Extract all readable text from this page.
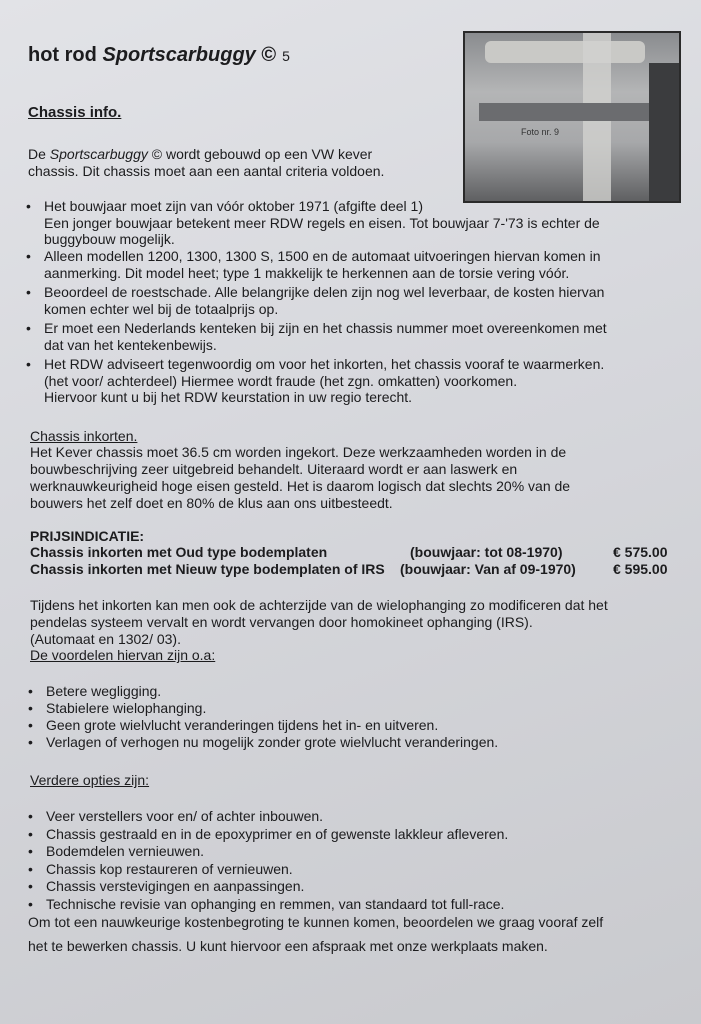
hot rod Sportscarbuggy © 5
Foto nr. 9
Chassis info.
De Sportscarbuggy © wordt gebouwd op een VW kever
chassis. Dit chassis moet aan een aantal criteria voldoen.
• Het bouwjaar moet zijn van vóór oktober 1971 (afgifte deel 1)
Een jonger bouwjaar betekent meer RDW regels en eisen. Tot bouwjaar 7-'73 is echter de
buggybouw mogelijk.
• Alleen modellen 1200, 1300, 1300 S, 1500 en de automaat uitvoeringen hiervan komen in
aanmerking. Dit model heet; type 1 makkelijk te herkennen aan de torsie vering vóór.
• Beoordeel de roestschade. Alle belangrijke delen zijn nog wel leverbaar, de kosten hiervan
komen echter wel bij de totaalprijs op.
• Er moet een Nederlands kenteken bij zijn en het chassis nummer moet overeenkomen met
dat van het kentekenbewijs.
• Het RDW adviseert tegenwoordig om voor het inkorten, het chassis vooraf te waarmerken.
(het voor/ achterdeel) Hiermee wordt fraude (het zgn. omkatten) voorkomen.
Hiervoor kunt u bij het RDW keurstation in uw regio terecht.
Chassis inkorten.
Het Kever chassis moet 36.5 cm worden ingekort. Deze werkzaamheden worden in de
bouwbeschrijving zeer uitgebreid behandelt. Uiteraard wordt er aan laswerk en
werknauwkeurigheid hoge eisen gesteld. Het is daarom logisch dat slechts 20% van de
bouwers het zelf doet en 80% de klus aan ons uitbesteedt.
PRIJSINDICATIE:
Chassis inkorten met Oud type bodemplaten	(bouwjaar: tot 08-1970)	€ 575.00
Chassis inkorten met Nieuw type bodemplaten of IRS (bouwjaar: Van af 09-1970)	€ 595.00
Tijdens het inkorten kan men ook de achterzijde van de wielophanging zo modificeren dat het
pendelas systeem vervalt en wordt vervangen door homokineet ophanging (IRS).
(Automaat en 1302/ 03).
De voordelen hiervan zijn o.a:
• Betere wegligging.
• Stabielere wielophanging.
• Geen grote wielvlucht veranderingen tijdens het in- en uitveren.
• Verlagen of verhogen nu mogelijk zonder grote wielvlucht veranderingen.
Verdere opties zijn:
• Veer verstellers voor en/ of achter inbouwen.
• Chassis gestraald en in de epoxyprimer en of gewenste lakkleur afleveren.
• Bodemdelen vernieuwen.
• Chassis kop restaureren of vernieuwen.
• Chassis verstevigingen en aanpassingen.
• Technische revisie van ophanging en remmen, van standaard tot full-race.
Om tot een nauwkeurige kostenbegroting te kunnen komen, beoordelen we graag vooraf zelf
het te bewerken chassis. U kunt hiervoor een afspraak met onze werkplaats maken.
